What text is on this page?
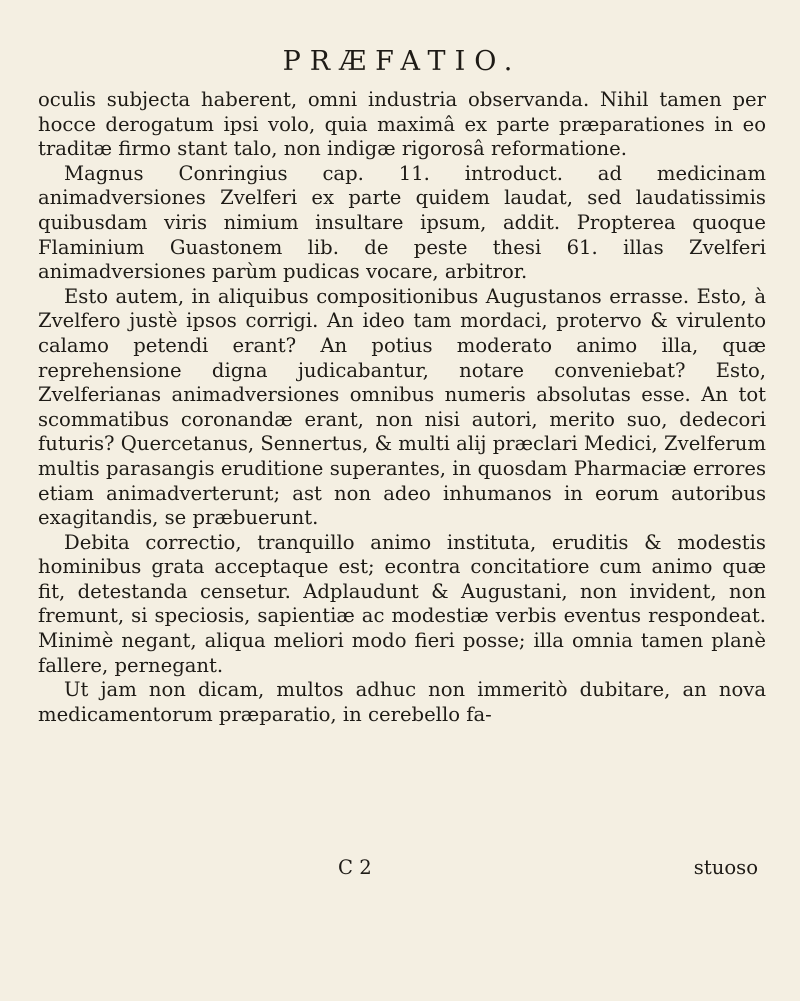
PRÆFATIO.

oculis subjecta haberent, omni industria observanda. Nihil tamen per hocce derogatum ipsi volo, quia maximâ ex parte præparationes in eo traditæ firmo stant talo, non indigæ rigorosâ reformatione.

Magnus Conringius cap. 11. introduct. ad medicinam animadversiones Zvelferi ex parte quidem laudat, sed laudatissimis quibusdam viris nimium insultare ipsum, addit. Propterea quoque Flaminium Guastonem lib. de peste thesi 61. illas Zvelferi animadversiones parùm pudicas vocare, arbitror.

Esto autem, in aliquibus compositionibus Augustanos errasse. Esto, à Zvelfero justè ipsos corrigi. An ideo tam mordaci, protervo & virulento calamo petendi erant? An potius moderato animo illa, quæ reprehensione digna judicabantur, notare conveniebat? Esto, Zvelferianas animadversiones omnibus numeris absolutas esse. An tot scommatibus coronandæ erant, non nisi autori, merito suo, dedecori futuris? Quercetanus, Sennertus, & multi alij præclari Medici, Zvelferum multis parasangis eruditione superantes, in quosdam Pharmaciæ errores etiam animadverterunt; ast non adeo inhumanos in eorum autoribus exagitandis, se præbuerunt.

Debita correctio, tranquillo animo instituta, eruditis & modestis hominibus grata acceptaque est; econtra concitatiore cum animo quæ fit, detestanda censetur. Adplaudunt & Augustani, non invident, non fremunt, si speciosis, sapientiæ ac modestiæ verbis eventus respondeat. Minimè negant, aliqua meliori modo fieri posse; illa omnia tamen planè fallere, pernegant.

Ut jam non dicam, multos adhuc non immeritò dubitare, an nova medicamentorum præparatio, in cerebello fa-

C 2	stuoso
